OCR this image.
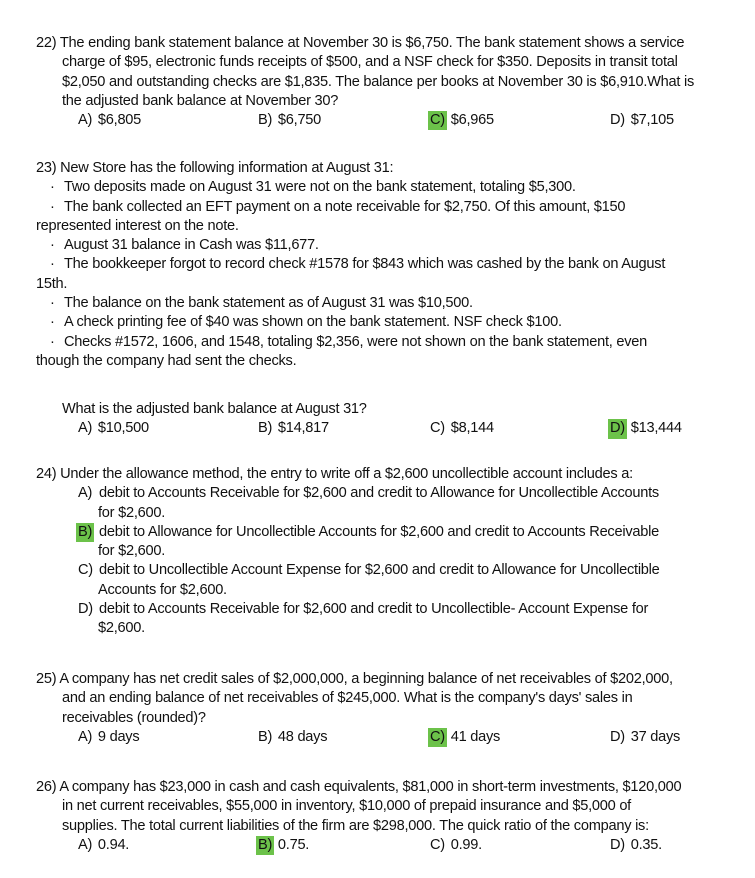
22) The ending bank statement balance at November 30 is $6,750. The bank statement shows a service
charge of $95, electronic funds receipts of $500, and a NSF check for $350. Deposits in transit total
$2,050 and outstanding checks are $1,835. The balance per books at November 30 is $6,910.What is
the adjusted bank balance at November 30?
A) $6,805	B) $6,750	C) $6,965	D) $7,105
23) New Store has the following information at August 31:
· Two deposits made on August 31 were not on the bank statement, totaling $5,300.
· The bank collected an EFT payment on a note receivable for $2,750. Of this amount, $150
represented interest on the note.
· August 31 balance in Cash was $11,677.
· The bookkeeper forgot to record check #1578 for $843 which was cashed by the bank on August
15th.
· The balance on the bank statement as of August 31 was $10,500.
· A check printing fee of $40 was shown on the bank statement. NSF check $100.
· Checks #1572, 1606, and 1548, totaling $2,356, were not shown on the bank statement, even
though the company had sent the checks.
What is the adjusted bank balance at August 31?
A) $10,500	B) $14,817	C) $8,144	D) $13,444
24) Under the allowance method, the entry to write off a $2,600 uncollectible account includes a:
A) debit to Accounts Receivable for $2,600 and credit to Allowance for Uncollectible Accounts
for $2,600.
B) debit to Allowance for Uncollectible Accounts for $2,600 and credit to Accounts Receivable
for $2,600.
C) debit to Uncollectible Account Expense for $2,600 and credit to Allowance for Uncollectible
Accounts for $2,600.
D) debit to Accounts Receivable for $2,600 and credit to Uncollectible- Account Expense for
$2,600.
25) A company has net credit sales of $2,000,000, a beginning balance of net receivables of $202,000,
and an ending balance of net receivables of $245,000. What is the company's days' sales in
receivables (rounded)?
A) 9 days	B) 48 days	C) 41 days	D) 37 days
26) A company has $23,000 in cash and cash equivalents, $81,000 in short-term investments, $120,000
in net current receivables, $55,000 in inventory, $10,000 of prepaid insurance and $5,000 of
supplies. The total current liabilities of the firm are $298,000. The quick ratio of the company is:
A) 0.94.	B) 0.75.	C) 0.99.	D) 0.35.
